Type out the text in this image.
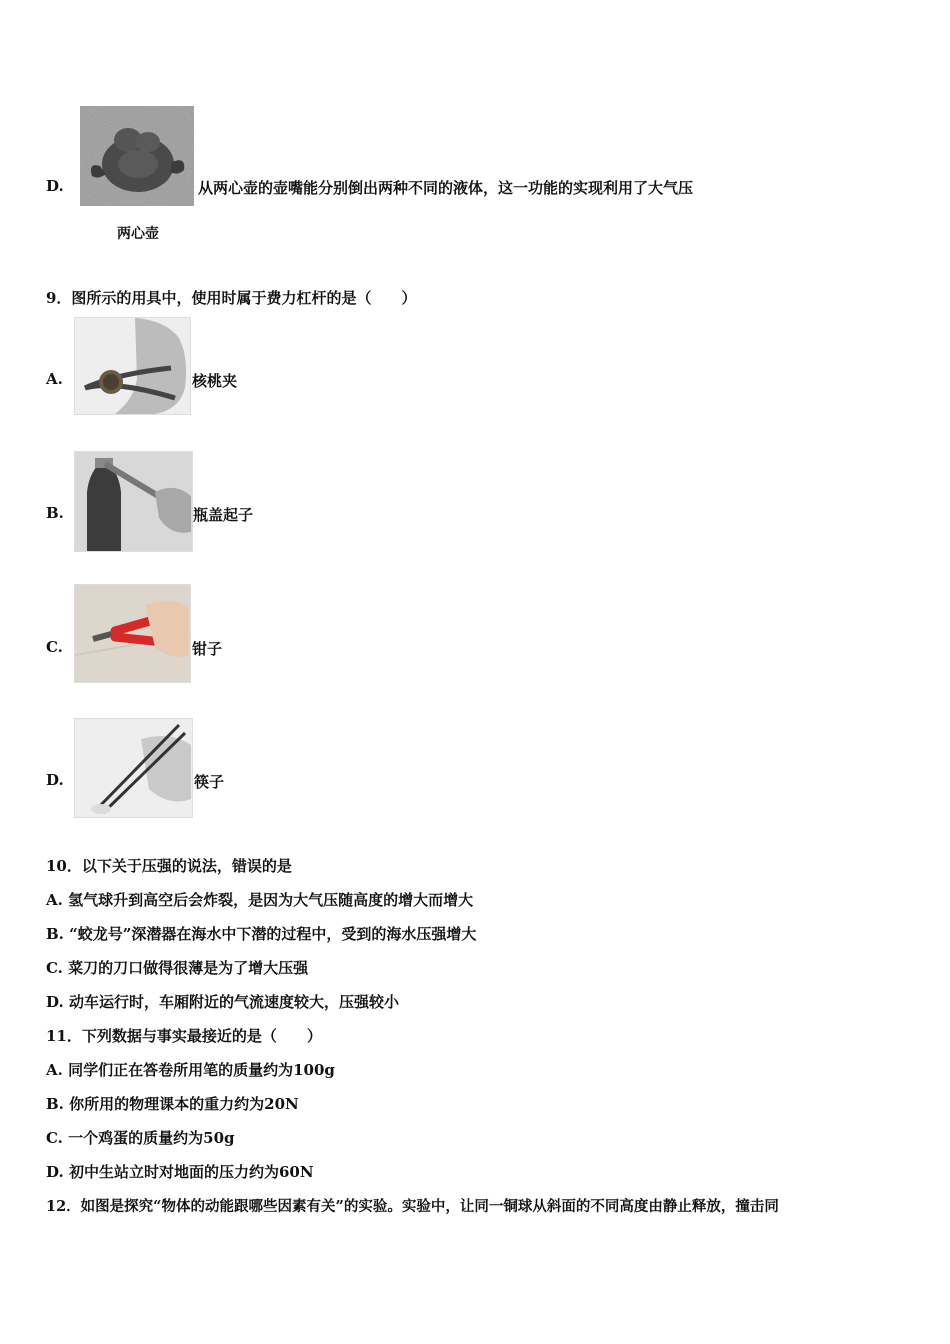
D.	从两心壶的壶嘴能分别倒出两种不同的液体，这一功能的实现利用了大气压
两心壶
9．图所示的用具中，使用时属于费力杠杆的是（　　）
A.	核桃夹
B.	瓶盖起子
C.	钳子
D.	筷子
10．以下关于压强的说法，错误的是
A. 氢气球升到高空后会炸裂，是因为大气压随高度的增大而增大
B. “蛟龙号”深潜器在海水中下潜的过程中，受到的海水压强增大
C. 菜刀的刀口做得很薄是为了增大压强
D. 动车运行时，车厢附近的气流速度较大，压强较小
11．下列数据与事实最接近的是（　　）
A. 同学们正在答卷所用笔的质量约为100g
B. 你所用的物理课本的重力约为20N
C. 一个鸡蛋的质量约为50g
D. 初中生站立时对地面的压力约为60N
12．如图是探究“物体的动能跟哪些因素有关”的实验。实验中，让同一铜球从斜面的不同高度由静止释放，撞击同
